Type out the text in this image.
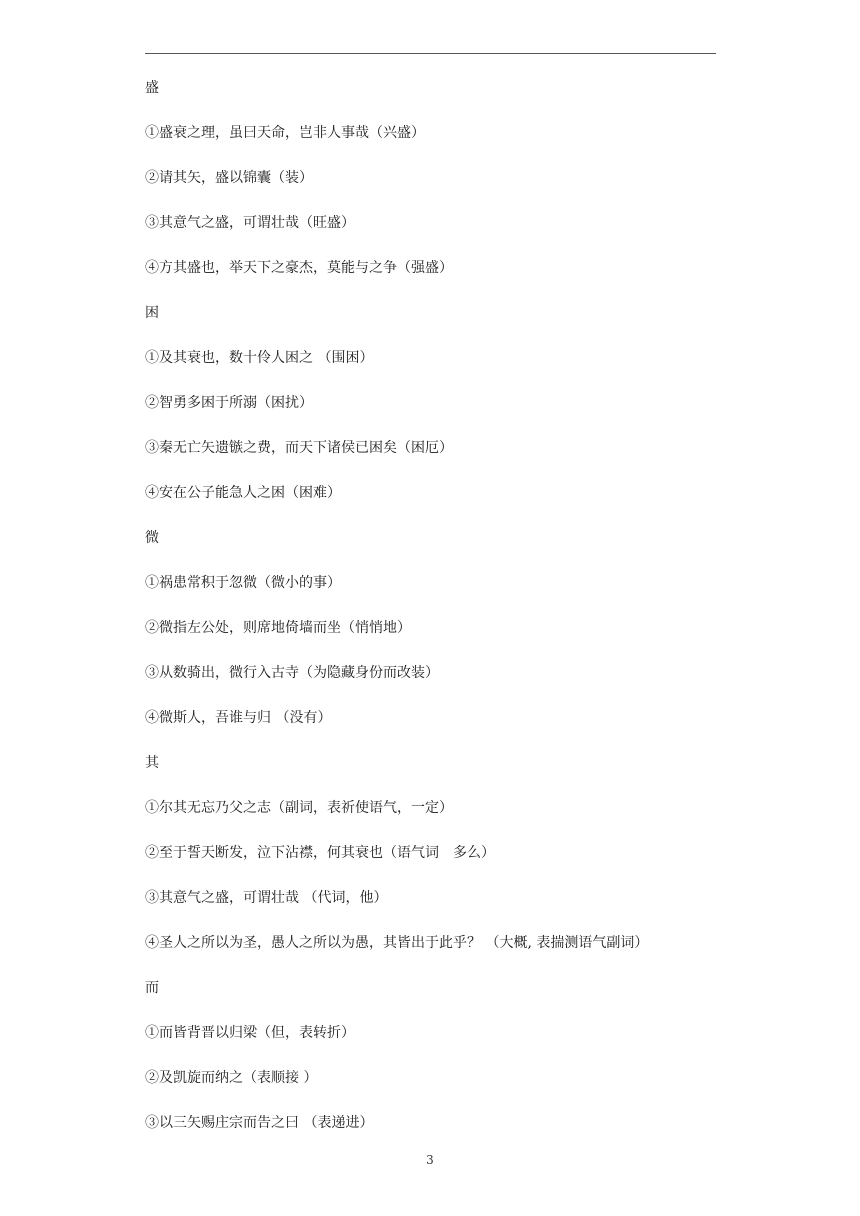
盛
①盛衰之理，虽曰天命，岂非人事哉（兴盛）
②请其矢，盛以锦囊（装）
③其意气之盛，可谓壮哉（旺盛）
④方其盛也，举天下之豪杰，莫能与之争（强盛）
困
①及其衰也，数十伶人困之 （围困）
②智勇多困于所溺（困扰）
③秦无亡矢遗镞之费，而天下诸侯已困矣（困厄）
④安在公子能急人之困（困难）
微
①祸患常积于忽微（微小的事）
②微指左公处，则席地倚墙而坐（悄悄地）
③从数骑出，微行入古寺（为隐藏身份而改装）
④微斯人，吾谁与归 （没有）
其
①尔其无忘乃父之志（副词，表祈使语气，一定）
②至于誓天断发，泣下沾襟，何其衰也（语气词　多么）
③其意气之盛，可谓壮哉 （代词，他）
④圣人之所以为圣，愚人之所以为愚，其皆出于此乎？ （大概, 表揣测语气副词）
而
①而皆背晋以归梁（但，表转折）
②及凯旋而纳之（表顺接 ）
③以三矢赐庄宗而告之曰 （表递进）
3
